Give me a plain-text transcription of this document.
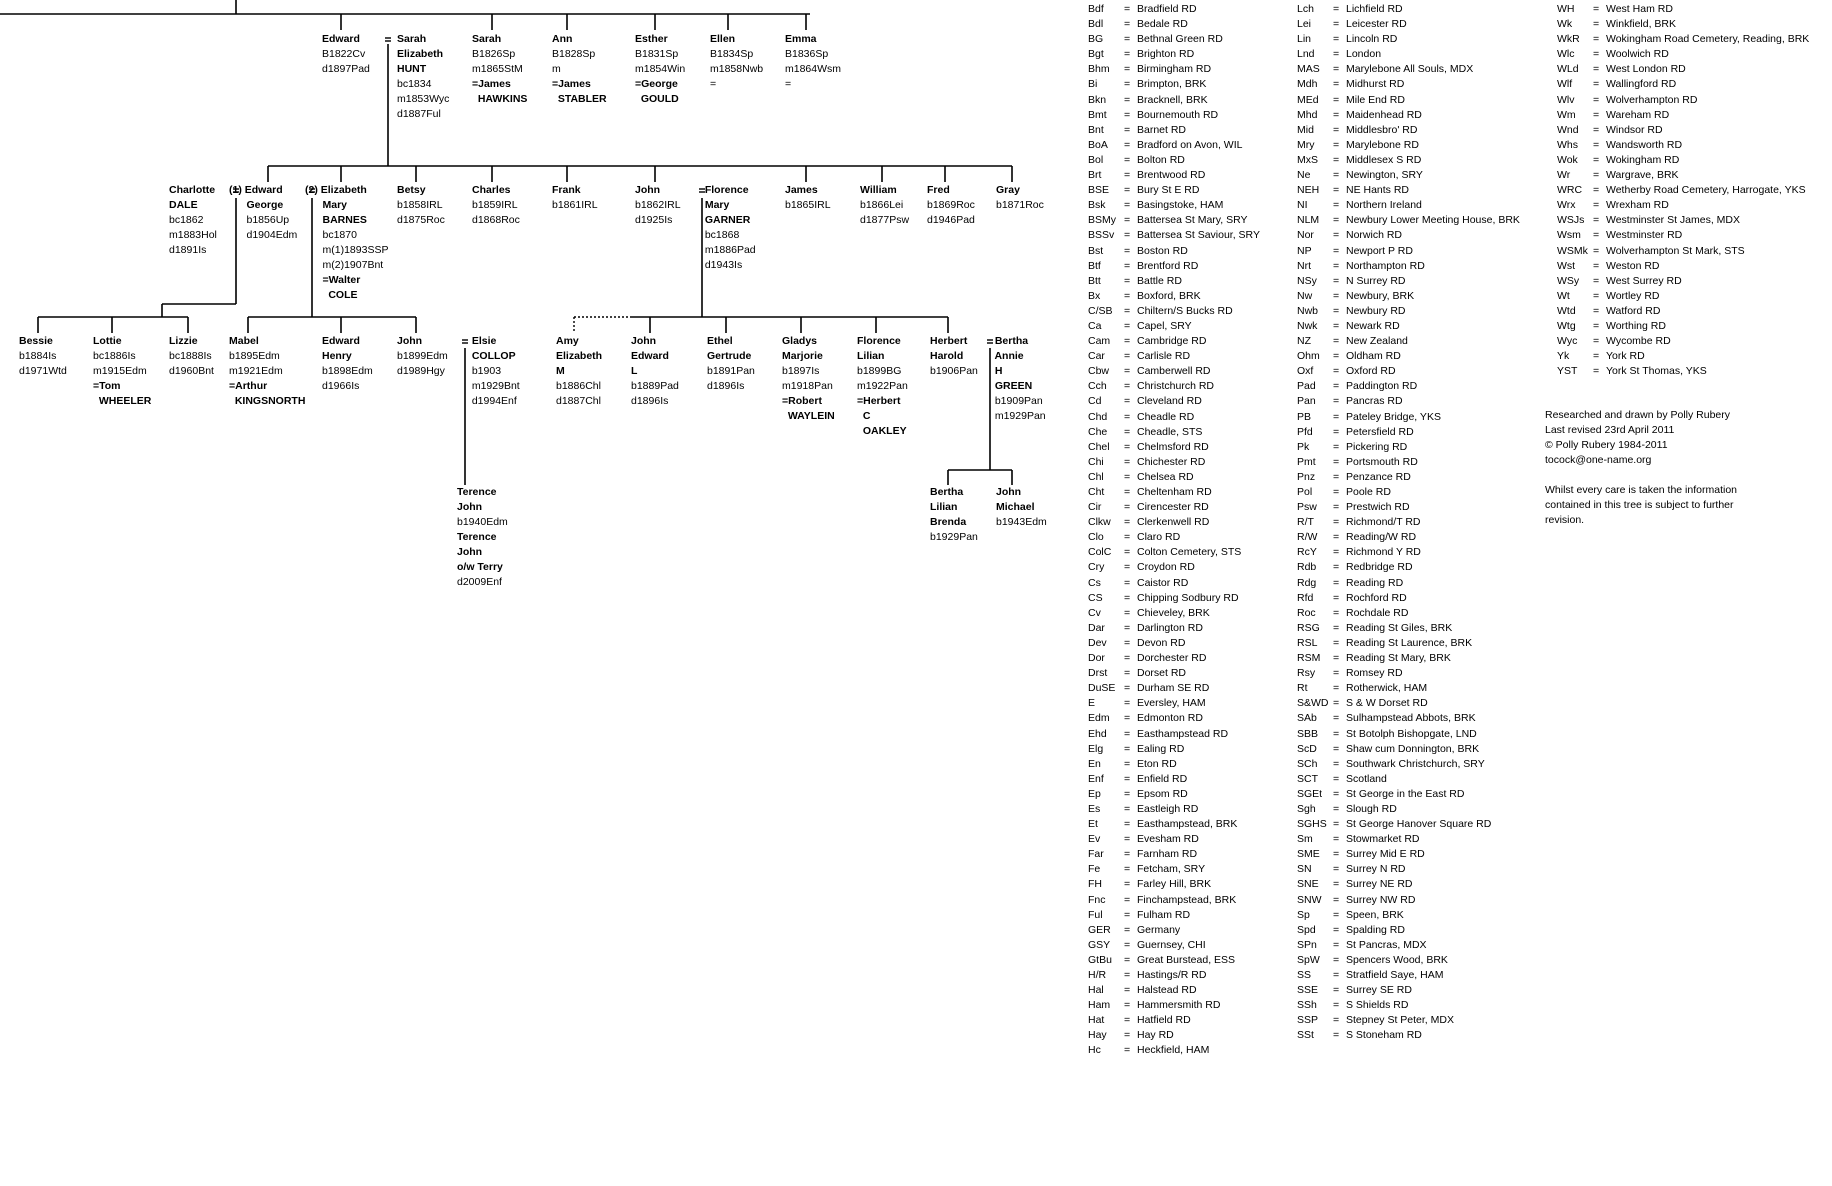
Edward
B1822Cv
d1897Pad
Sarah
Elizabeth
HUNT
bc1834
m1853Wyc
d1887Ful
Sarah
B1826Sp
m1865StM
=James
HAWKINS
Ann
B1828Sp
m
=James
STABLER
Esther
B1831Sp
m1854Win
=George
GOULD
Ellen
B1834Sp
m1858Nwb
=
Emma
B1836Sp
m1864Wsm
=
Charlotte
DALE
bc1862
m1883Hol
d1891Is
(1) Edward
George
b1856Up
d1904Edm
(2) Elizabeth
Mary
BARNES
bc1870
m(1)1893SSP
m(2)1907Bnt
=Walter
COLE
Betsy
b1858IRL
d1875Roc
Charles
b1859IRL
d1868Roc
Frank
b1861IRL
John
b1862IRL
d1925Is
Florence
Mary
GARNER
bc1868
m1886Pad
d1943Is
James
b1865IRL
William
b1866Lei
d1877Psw
Fred
b1869Roc
d1946Pad
Gray
b1871Roc
Bessie
b1884Is
d1971Wtd
Lottie
bc1886Is
m1915Edm
=Tom
WHEELER
Lizzie
bc1888Is
d1960Bnt
Mabel
b1895Edm
m1921Edm
=Arthur
KINGSNORTH
Edward
Henry
b1898Edm
d1966Is
John
b1899Edm
d1989Hgy
Elsie
COLLOP
b1903
m1929Bnt
d1994Enf
Amy
Elizabeth
M
b1886Chl
d1887Chl
John
Edward
L
b1889Pad
d1896Is
Ethel
Gertrude
b1891Pan
d1896Is
Gladys
Marjorie
b1897Is
m1918Pan
=Robert
WAYLEIN
Florence
Lilian
b1899BG
m1922Pan
=Herbert
C
OAKLEY
Herbert
Harold
b1906Pan
Bertha
Annie
H
GREEN
b1909Pan
m1929Pan
Terence
John
b1940Edm
Terence
John
o/w Terry
d2009Enf
Bertha
Lilian
Brenda
b1929Pan
John
Michael
b1943Edm
Bdf = Bradfield RD
Bdl = Bedale RD
BG = Bethnal Green RD
Bgt = Brighton RD
Bhm = Birmingham RD
Bi	= Brimpton, BRK
Bkn = Bracknell, BRK
Bmt = Bournemouth RD
Bnt = Barnet RD
BoA = Bradford on Avon, WIL
Bol = Bolton RD
Brt = Brentwood RD
BSE = Bury St E RD
Bsk = Basingstoke, HAM
BSMy = Battersea St Mary, SRY
BSSv = Battersea St Saviour, SRY
Bst = Boston RD
Btf = Brentford RD
Btt = Battle RD
Bx = Boxford, BRK
C/SB = Chiltern/S Bucks RD
Ca = Capel, SRY
Cam = Cambridge RD
Car = Carlisle RD
Cbw = Camberwell RD
Cch = Christchurch RD
Cd = Cleveland RD
Chd = Cheadle RD
Che = Cheadle, STS
Chel = Chelmsford RD
Chi = Chichester RD
Chl = Chelsea RD
Cht = Cheltenham RD
Cir = Cirencester RD
Clkw = Clerkenwell RD
Clo = Claro RD
ColC = Colton Cemetery, STS
Cry = Croydon RD
Cs = Caistor RD
CS = Chipping Sodbury RD
Cv = Chieveley, BRK
Dar = Darlington RD
Dev = Devon RD
Dor = Dorchester RD
Drst = Dorset RD
DuSE = Durham SE RD
E	= Eversley, HAM
Edm = Edmonton RD
Ehd = Easthampstead RD
Elg = Ealing RD
En = Eton RD
Enf = Enfield RD
Ep = Epsom RD
Es = Eastleigh RD
Et = Easthampstead, BRK
Ev = Evesham RD
Far = Farnham RD
Fe = Fetcham, SRY
FH = Farley Hill, BRK
Fnc = Finchampstead, BRK
Ful = Fulham RD
GER = Germany
GSY = Guernsey, CHI
GtBu = Great Burstead, ESS
H/R = Hastings/R RD
Hal = Halstead RD
Ham = Hammersmith RD
Hat = Hatfield RD
Hay = Hay RD
Hc = Heckfield, HAM
Lch = Lichfield RD
Lei = Leicester RD
Lin = Lincoln RD
Lnd = London
MAS = Marylebone All Souls, MDX
Mdh = Midhurst RD
MEd = Mile End RD
Mhd = Maidenhead RD
Mid = Middlesbro' RD
Mry = Marylebone RD
MxS = Middlesex S RD
Ne = Newington, SRY
NEH = NE Hants RD
NI = Northern Ireland
NLM = Newbury Lower Meeting House, BRK
Nor = Norwich RD
NP = Newport P RD
Nrt = Northampton RD
NSy = N Surrey RD
Nw = Newbury, BRK
Nwb = Newbury RD
Nwk = Newark RD
NZ = New Zealand
Ohm = Oldham RD
Oxf = Oxford RD
Pad = Paddington RD
Pan = Pancras RD
PB = Pateley Bridge, YKS
Pfd = Petersfield RD
Pk = Pickering RD
Pmt = Portsmouth RD
Pnz = Penzance RD
Pol = Poole RD
Psw = Prestwich RD
R/T = Richmond/T RD
R/W = Reading/W RD
RcY = Richmond Y RD
Rdb = Redbridge RD
Rdg = Reading RD
Rfd = Rochford RD
Roc = Rochdale RD
RSG = Reading St Giles, BRK
RSL = Reading St Laurence, BRK
RSM = Reading St Mary, BRK
Rsy = Romsey RD
Rt = Rotherwick, HAM
S&WD = S & W Dorset RD
SAb = Sulhampstead Abbots, BRK
SBB = St Botolph Bishopgate, LND
ScD = Shaw cum Donnington, BRK
SCh = Southwark Christchurch, SRY
SCT = Scotland
SGEt = St George in the East RD
Sgh = Slough RD
SGHS = St George Hanover Square RD
Sm = Stowmarket RD
SME = Surrey Mid E RD
SN = Surrey N RD
SNE = Surrey NE RD
SNW = Surrey NW RD
Sp = Speen, BRK
Spd = Spalding RD
SPn = St Pancras, MDX
SpW = Spencers Wood, BRK
SS = Stratfield Saye, HAM
SSE = Surrey SE RD
SSh = S Shields RD
SSP = Stepney St Peter, MDX
SSt = S Stoneham RD
WH = West Ham RD
Wk = Winkfield, BRK
WkR = Wokingham Road Cemetery, Reading, BRK
Wlc = Woolwich RD
WLd = West London RD
Wlf = Wallingford RD
Wlv = Wolverhampton RD
Wm = Wareham RD
Wnd = Windsor RD
Whs = Wandsworth RD
Wok = Wokingham RD
Wr = Wargrave, BRK
WRC = Wetherby Road Cemetery, Harrogate, YKS
Wrx = Wrexham RD
WSJs = Westminster St James, MDX
Wsm = Westminster RD
WSMk = Wolverhampton St Mark, STS
Wst = Weston RD
WSy = West Surrey RD
Wt = Wortley RD
Wtd = Watford RD
Wtg = Worthing RD
Wyc = Wycombe RD
Yk = York RD
YST = York St Thomas, YKS
Researched and drawn by Polly Rubery
Last revised 23rd April 2011
© Polly Rubery 1984-2011
tocock@one-name.org
Whilst every care is taken the information
contained in this tree is subject to further
revision.
